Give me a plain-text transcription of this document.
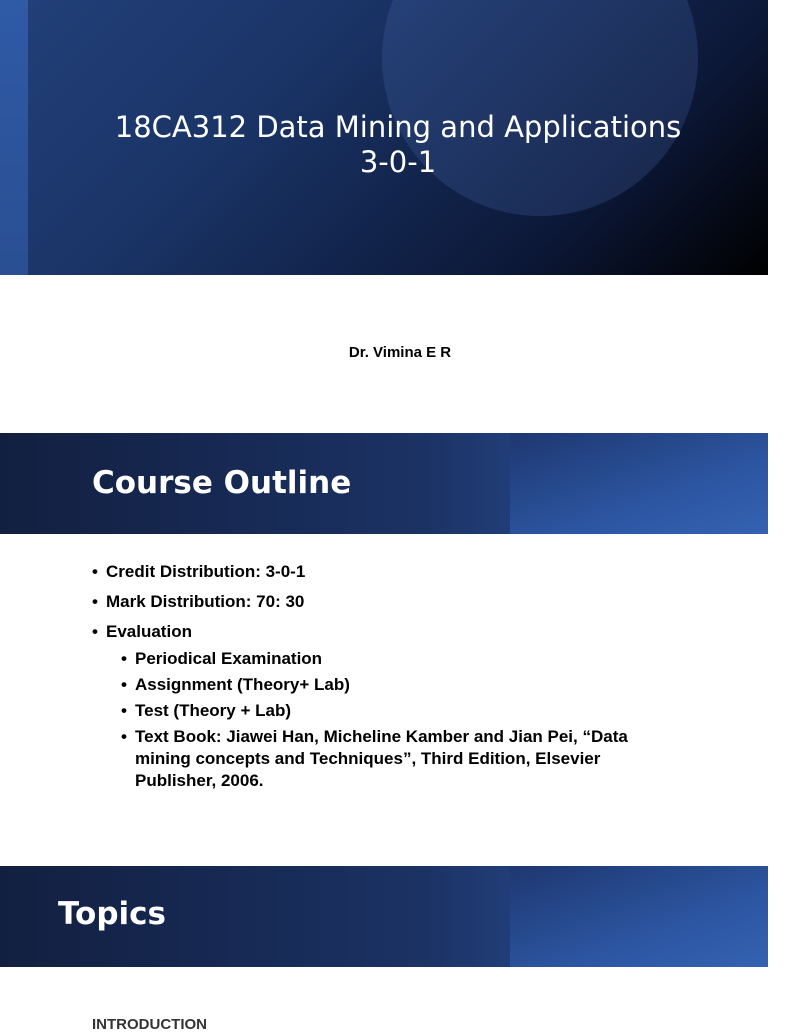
18CA312 Data Mining and Applications
3-0-1
Dr. Vimina E R
Course Outline
• Credit Distribution: 3-0-1
• Mark Distribution: 70: 30
• Evaluation
• Periodical Examination
• Assignment (Theory+ Lab)
• Test (Theory + Lab)
• Text Book: Jiawei Han, Micheline Kamber and Jian Pei, “Data mining concepts and Techniques”, Third Edition, Elsevier Publisher, 2006.
Topics
INTRODUCTION
